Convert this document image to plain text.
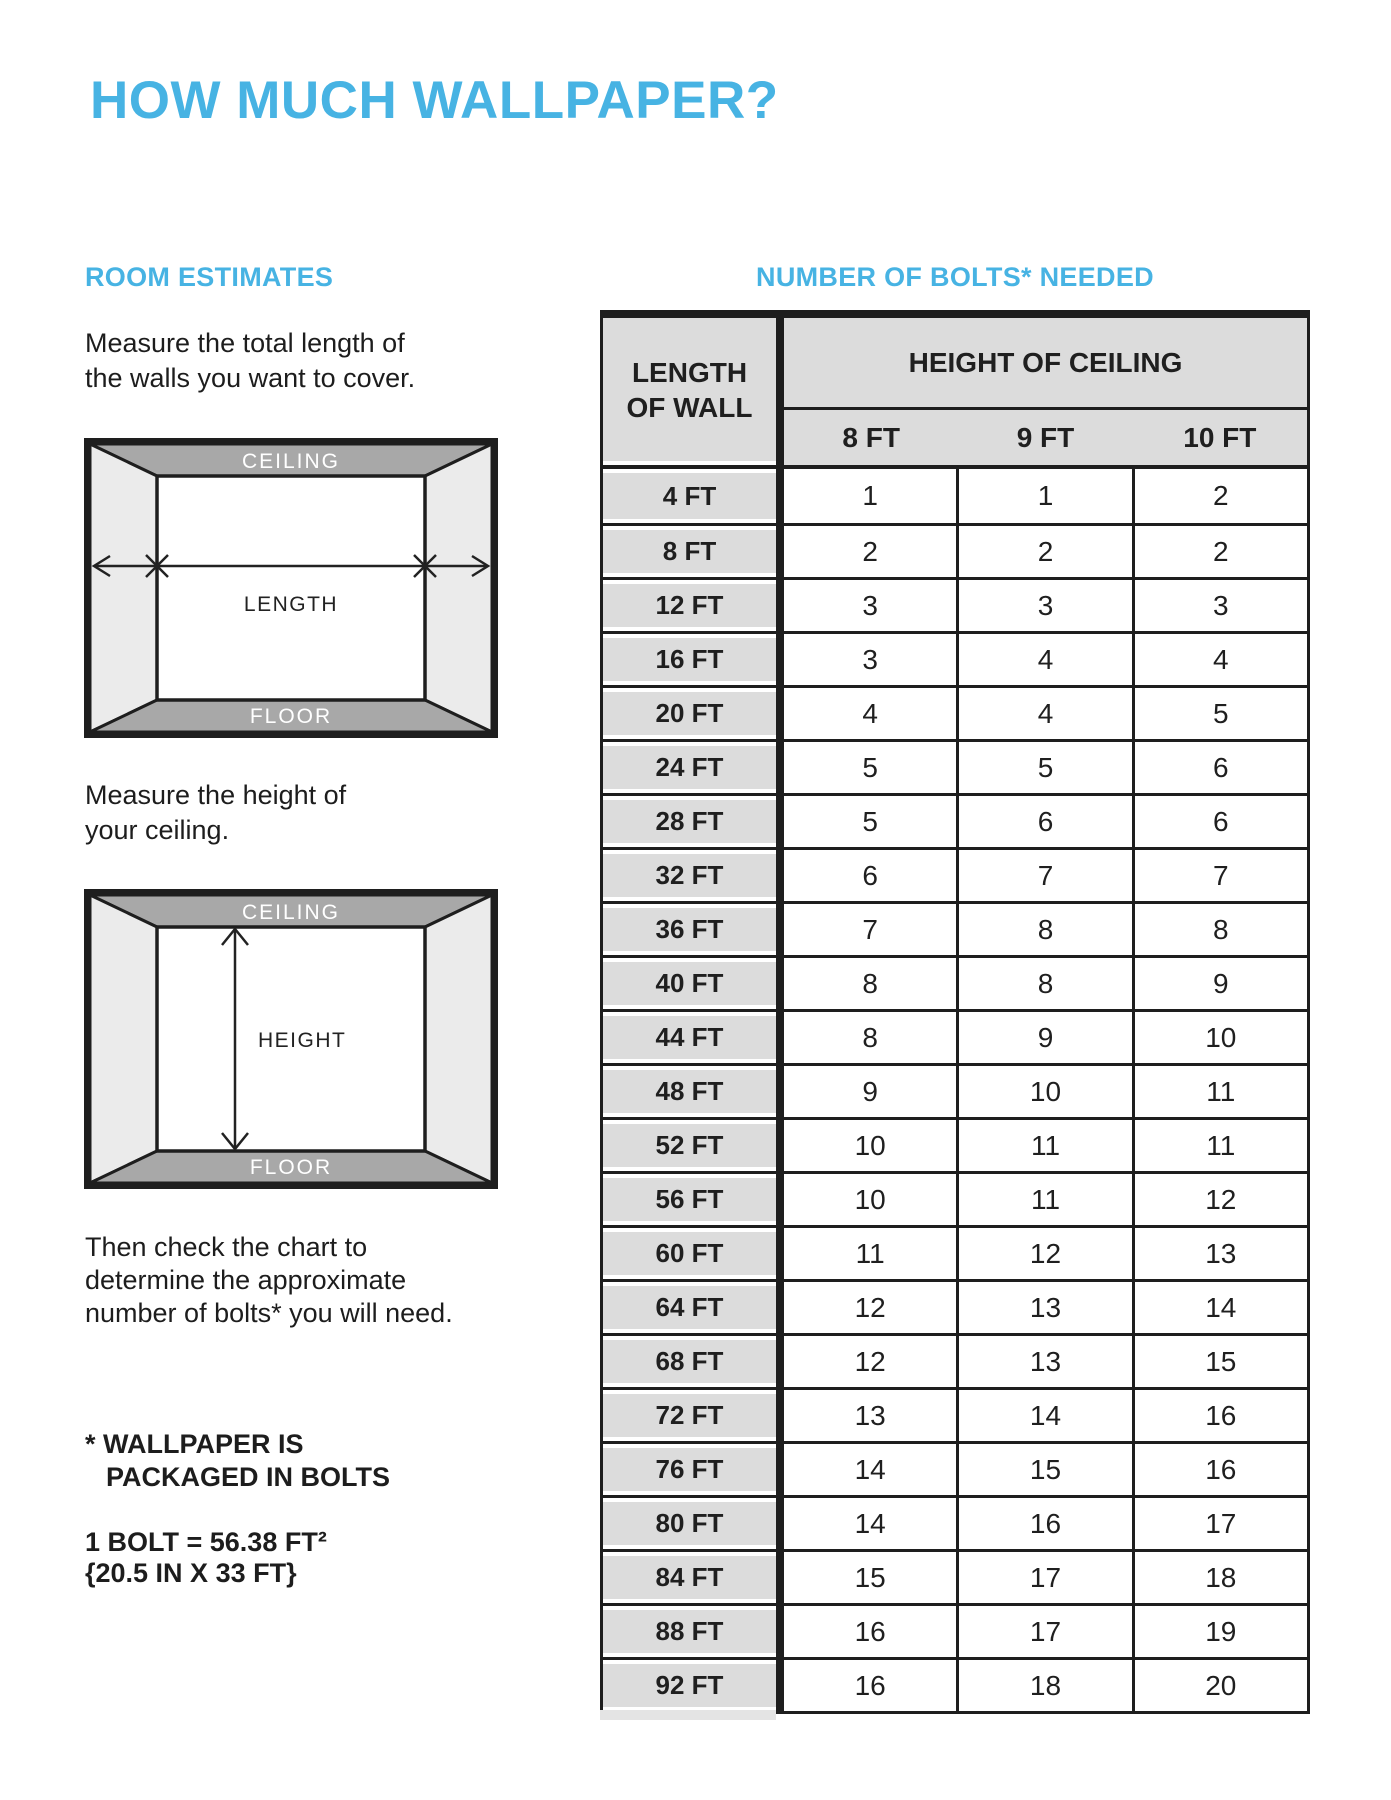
HOW MUCH WALLPAPER?
ROOM ESTIMATES	NUMBER OF BOLTS* NEEDED
Measure the total length of
the walls you want to cover.
CEILING
LENGTH
FLOOR
Measure the height of
your ceiling.
CEILING
HEIGHT
FLOOR
Then check the chart to
determine the approximate
number of bolts* you will need.
* WALLPAPER IS
PACKAGED IN BOLTS
1 BOLT = 56.38 FT²
{20.5 IN X 33 FT}
LENGTH
OF WALL
HEIGHT OF CEILING
8 FT	9 FT	10 FT
4 FT	1	1	2
8 FT	2	2	2
12 FT	3	3	3
16 FT	3	4	4
20 FT	4	4	5
24 FT	5	5	6
28 FT	5	6	6
32 FT	6	7	7
36 FT	7	8	8
40 FT	8	8	9
44 FT	8	9	10
48 FT	9	10	11
52 FT	10	11	11
56 FT	10	11	12
60 FT	11	12	13
64 FT	12	13	14
68 FT	12	13	15
72 FT	13	14	16
76 FT	14	15	16
80 FT	14	16	17
84 FT	15	17	18
88 FT	16	17	19
92 FT	16	18	20
